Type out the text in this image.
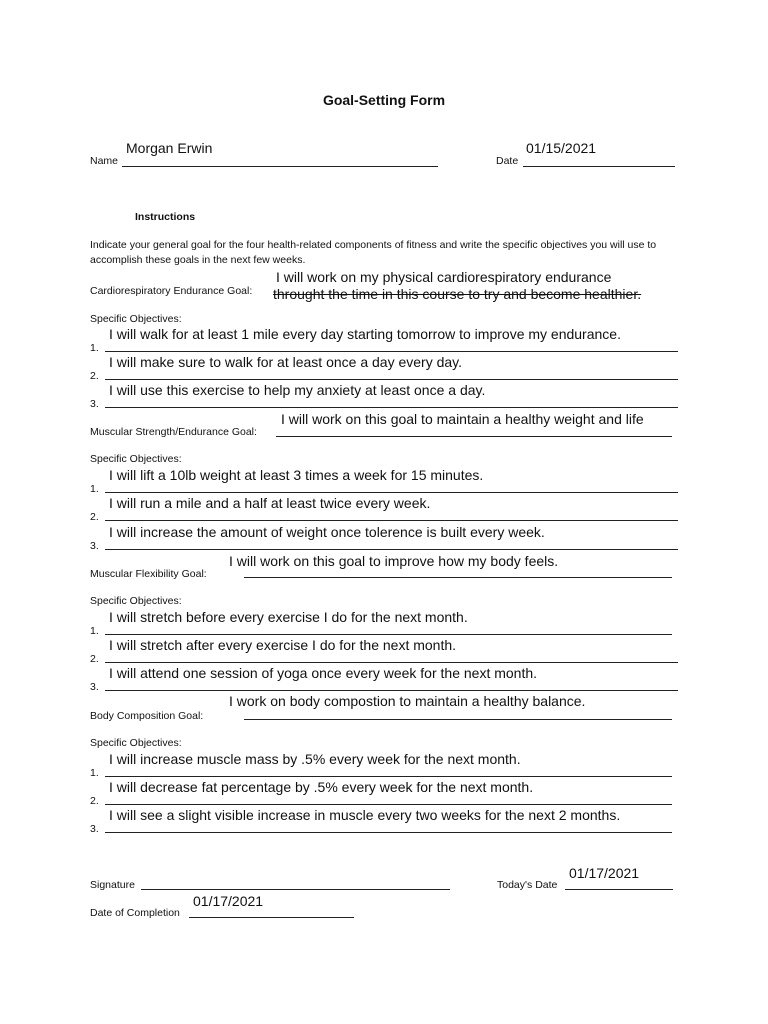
Goal-Setting Form
Morgan Erwin
Name
01/15/2021
Date
Instructions
Indicate your general goal for the four health-related components of fitness and write the specific objectives you will use to accomplish these goals in the next few weeks.
I will work on my physical cardiorespiratory endurance
Cardiorespiratory Endurance Goal: throught the time in this course to try and become healthier.
Specific Objectives:
I will walk for at least 1 mile every day starting tomorrow to improve my endurance.
1.
I will make sure to walk for at least once a day every day.
2.
I will use this exercise to help my anxiety at least once a day.
3.
I will work on this goal to maintain a healthy weight and life
Muscular Strength/Endurance Goal:
Specific Objectives:
I will lift a 10lb weight at least 3 times a week for 15 minutes.
1.
I will run a mile and a half at least twice every week.
2.
I will increase the amount of weight once tolerence is built every week.
3.
I will work on this goal to improve how my body feels.
Muscular Flexibility Goal:
Specific Objectives:
I will stretch before every exercise I do for the next month.
1.
I will stretch after every exercise I do for the next month.
2.
I will attend one session of yoga once every week for the next month.
3.
I work on body compostion to maintain a healthy balance.
Body Composition Goal:
Specific Objectives:
I will increase muscle mass by .5% every week for the next month.
1.
I will decrease fat percentage by .5% every week for the next month.
2.
I will see a slight visible increase in muscle every two weeks for the next 2 months.
3.
Signature
01/17/2021
Today's Date
01/17/2021
Date of Completion
